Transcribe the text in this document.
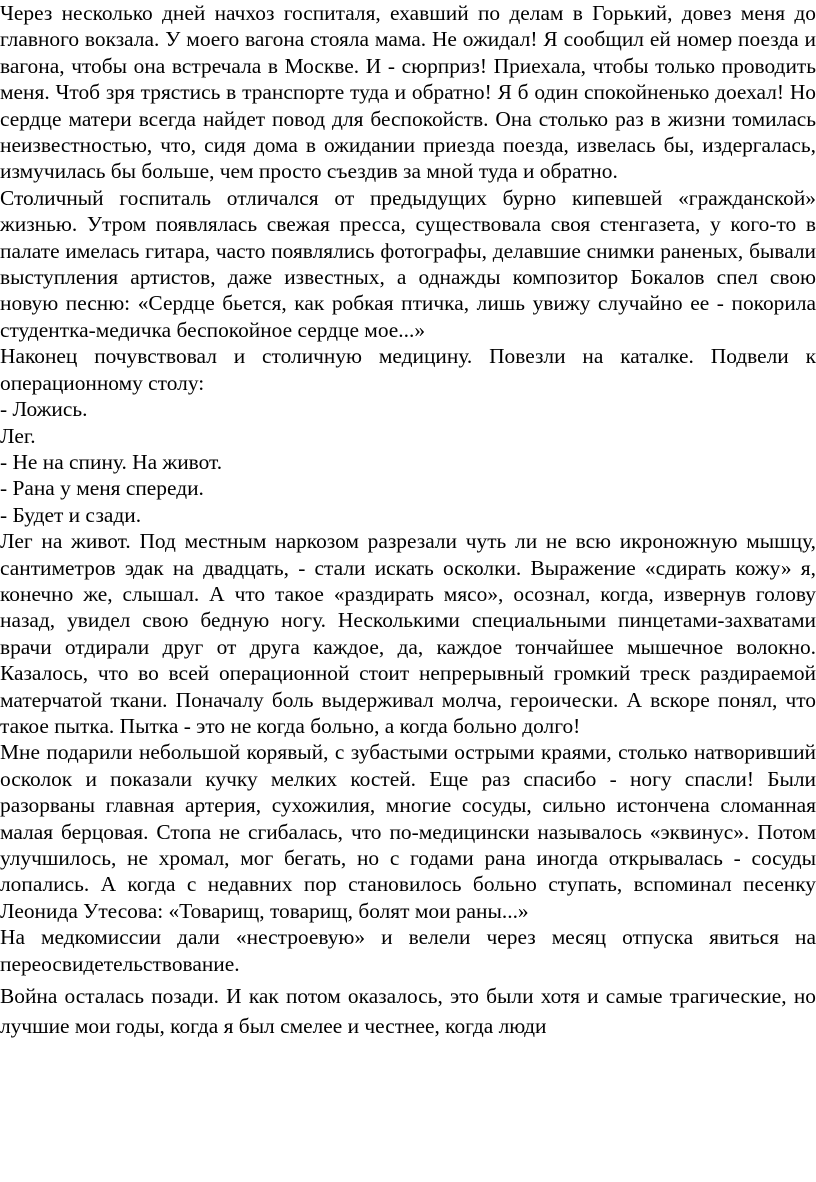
Через несколько дней начхоз госпиталя, ехавший по делам в Горький, довез меня до главного вокзала. У моего вагона стояла мама. Не ожидал! Я сообщил ей номер поезда и вагона, чтобы она встречала в Москве. И - сюрприз! Приехала, чтобы только проводить меня. Чтоб зря трястись в транспорте туда и обратно! Я б один спокойненько доехал! Но сердце матери всегда найдет повод для беспокойств. Она столько раз в жизни томилась неизвестностью, что, сидя дома в ожидании приезда поезда, извелась бы, издергалась, измучилась бы больше, чем просто съездив за мной туда и обратно.

Столичный госпиталь отличался от предыдущих бурно кипевшей «гражданской» жизнью. Утром появлялась свежая пресса, существовала своя стенгазета, у кого-то в палате имелась гитара, часто появлялись фотографы, делавшие снимки раненых, бывали выступления артистов, даже известных, а однажды композитор Бокалов спел свою новую песню: «Сердце бьется, как робкая птичка, лишь увижу случайно ее - покорила студентка-медичка беспокойное сердце мое...»

Наконец почувствовал и столичную медицину. Повезли на каталке. Подвели к операционному столу:

- Ложись.

Лег.

- Не на спину. На живот.

- Рана у меня спереди.

- Будет и сзади.

Лег на живот. Под местным наркозом разрезали чуть ли не всю икроножную мышцу, сантиметров эдак на двадцать, - стали искать осколки. Выражение «сдирать кожу» я, конечно же, слышал. А что такое «раздирать мясо», осознал, когда, извернув голову назад, увидел свою бедную ногу. Несколькими специальными пинцетами-захватами врачи отдирали друг от друга каждое, да, каждое тончайшее мышечное волокно. Казалось, что во всей операционной стоит непрерывный громкий треск раздираемой матерчатой ткани. Поначалу боль выдерживал молча, героически. А вскоре понял, что такое пытка. Пытка - это не когда больно, а когда больно долго!

Мне подарили небольшой корявый, с зубастыми острыми краями, столько натворивший осколок и показали кучку мелких костей. Еще раз спасибо - ногу спасли! Были разорваны главная артерия, сухожилия, многие сосуды, сильно истончена сломанная малая берцовая. Стопа не сгибалась, что по-медицински называлось «эквинус». Потом улучшилось, не хромал, мог бегать, но с годами рана иногда открывалась - сосуды лопались. А когда с недавних пор становилось больно ступать, вспоминал песенку Леонида Утесова: «Товарищ, товарищ, болят мои раны...»

На медкомиссии дали «нестроевую» и велели через месяц отпуска явиться на переосвидетельствование.

Война осталась позади. И как потом оказалось, это были хотя и самые трагические, но лучшие мои годы, когда я был смелее и честнее, когда люди
